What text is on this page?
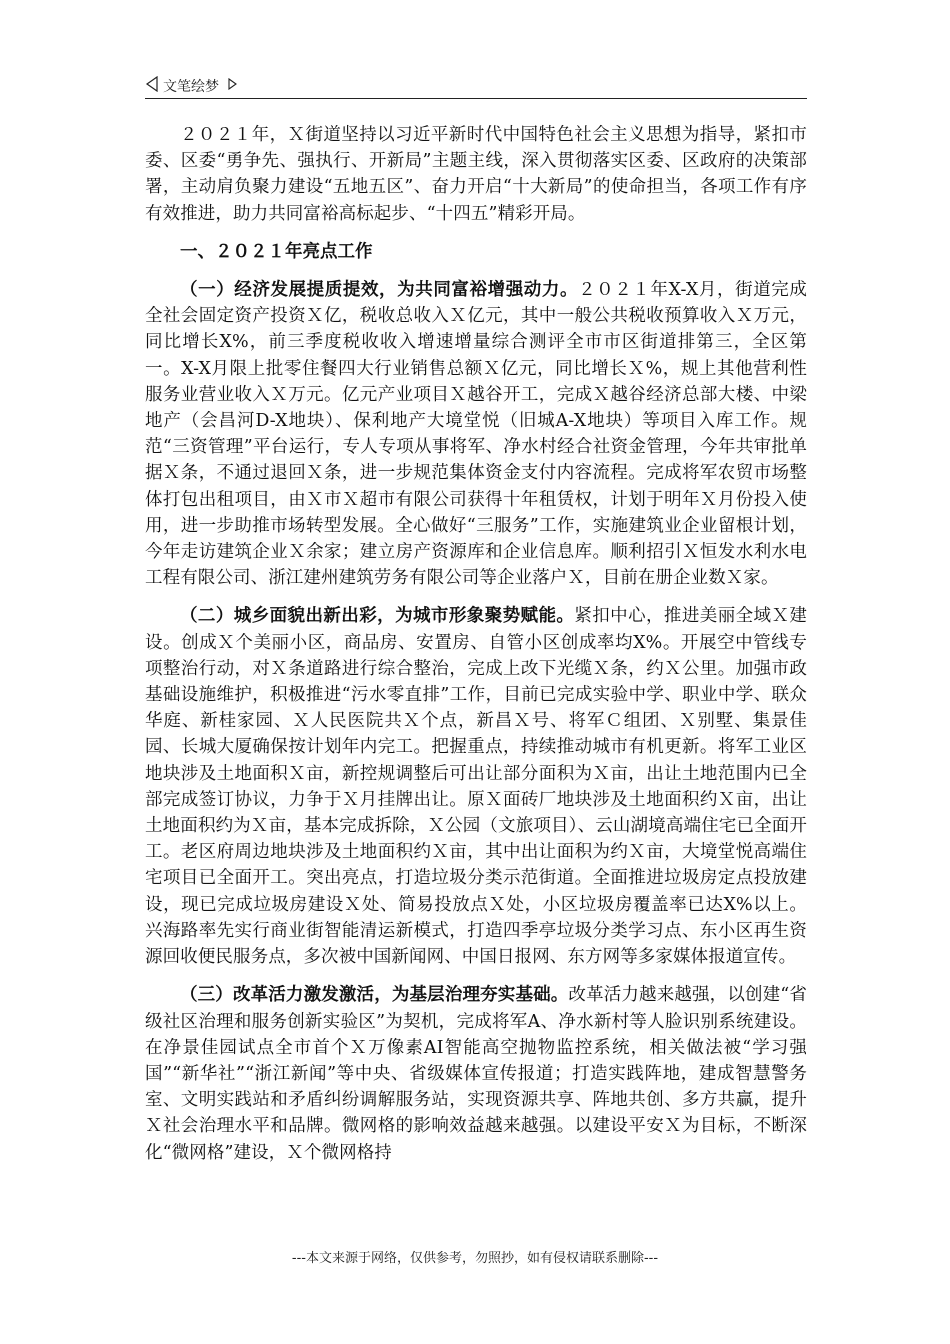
文笔绘梦

２０２１年，Ｘ街道坚持以习近平新时代中国特色社会主义思想为指导，紧扣市委、区委“勇争先、强执行、开新局”主题主线，深入贯彻落实区委、区政府的决策部署，主动肩负聚力建设“五地五区”、奋力开启“十大新局”的使命担当，各项工作有序有效推进，助力共同富裕高标起步、“十四五”精彩开局。

一、２０２１年亮点工作

（一）经济发展提质提效，为共同富裕增强动力。２０２１年X-X月，街道完成全社会固定资产投资Ｘ亿，税收总收入Ｘ亿元，其中一般公共税收预算收入Ｘ万元，同比增长X%，前三季度税收收入增速增量综合测评全市市区街道排第三，全区第一。X-X月限上批零住餐四大行业销售总额Ｘ亿元，同比增长Ｘ%，规上其他营利性服务业营业收入Ｘ万元。亿元产业项目Ｘ越谷开工，完成Ｘ越谷经济总部大楼、中梁地产（会昌河D-X地块）、保利地产大境堂悦（旧城A-X地块）等项目入库工作。规范“三资管理”平台运行，专人专项从事将军、净水村经合社资金管理，今年共审批单据Ｘ条，不通过退回Ｘ条，进一步规范集体资金支付内容流程。完成将军农贸市场整体打包出租项目，由Ｘ市Ｘ超市有限公司获得十年租赁权，计划于明年Ｘ月份投入使用，进一步助推市场转型发展。全心做好“三服务”工作，实施建筑业企业留根计划，今年走访建筑企业Ｘ余家；建立房产资源库和企业信息库。顺利招引Ｘ恒发水利水电工程有限公司、浙江建州建筑劳务有限公司等企业落户Ｘ，目前在册企业数Ｘ家。

（二）城乡面貌出新出彩，为城市形象聚势赋能。紧扣中心，推进美丽全域Ｘ建设。创成Ｘ个美丽小区，商品房、安置房、自管小区创成率均X%。开展空中管线专项整治行动，对Ｘ条道路进行综合整治，完成上改下光缆Ｘ条，约Ｘ公里。加强市政基础设施维护，积极推进“污水零直排”工作，目前已完成实验中学、职业中学、联众华庭、新桂家园、Ｘ人民医院共Ｘ个点，新昌Ｘ号、将军Ｃ组团、Ｘ别墅、集景佳园、长城大厦确保按计划年内完工。把握重点，持续推动城市有机更新。将军工业区地块涉及土地面积Ｘ亩，新控规调整后可出让部分面积为Ｘ亩，出让土地范围内已全部完成签订协议，力争于Ｘ月挂牌出让。原Ｘ面砖厂地块涉及土地面积约Ｘ亩，出让土地面积约为Ｘ亩，基本完成拆除，Ｘ公园（文旅项目）、云山湖境高端住宅已全面开工。老区府周边地块涉及土地面积约Ｘ亩，其中出让面积为约Ｘ亩，大境堂悦高端住宅项目已全面开工。突出亮点，打造垃圾分类示范街道。全面推进垃圾房定点投放建设，现已完成垃圾房建设Ｘ处、简易投放点Ｘ处，小区垃圾房覆盖率已达X%以上。兴海路率先实行商业街智能清运新模式，打造四季亭垃圾分类学习点、东小区再生资源回收便民服务点，多次被中国新闻网、中国日报网、东方网等多家媒体报道宣传。

（三）改革活力激发激活，为基层治理夯实基础。改革活力越来越强，以创建“省级社区治理和服务创新实验区”为契机，完成将军A、净水新村等人脸识别系统建设。在净景佳园试点全市首个Ｘ万像素AI智能高空抛物监控系统，相关做法被“学习强国”“新华社”“浙江新闻”等中央、省级媒体宣传报道；打造实践阵地，建成智慧警务室、文明实践站和矛盾纠纷调解服务站，实现资源共享、阵地共创、多方共赢，提升Ｘ社会治理水平和品牌。微网格的影响效益越来越强。以建设平安Ｘ为目标，不断深化“微网格”建设，Ｘ个微网格持

---本文来源于网络，仅供参考，勿照抄，如有侵权请联系删除---
